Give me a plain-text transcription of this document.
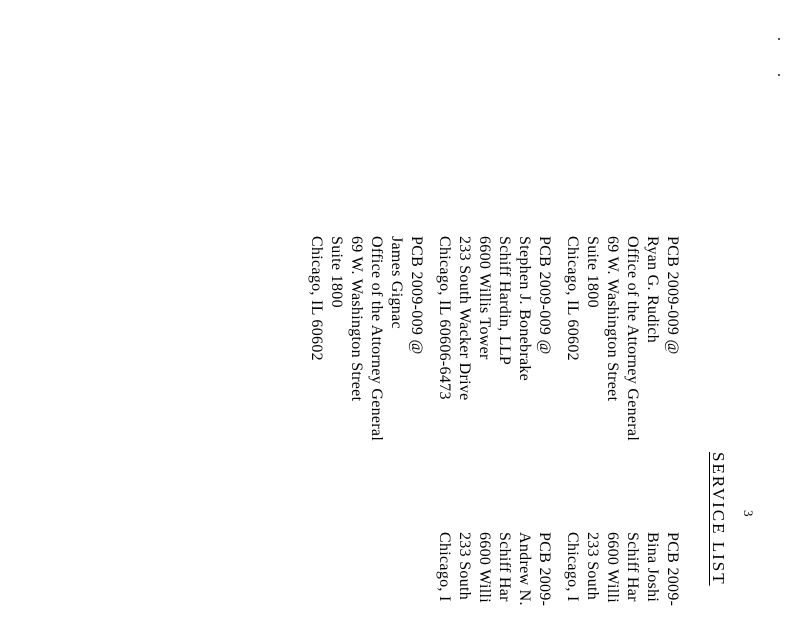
3
SERVICE LIST
PCB 2009-009 @
Ryan G. Rudich
Office of the Attorney General
69 W. Washington Street
Suite 1800
Chicago, IL 60602
PCB 2009-009 @
Stephen J. Bonebrake
Schiff Hardin, LLP
6600 Willis Tower
233 South Wacker Drive
Chicago, IL 60606-6473
PCB 2009-009 @
James Gignac
Office of the Attorney General
69 W. Washington Street
Suite 1800
Chicago, IL 60602
PCB 2009-
Bina Joshi
Schiff Har
6600 Willi
233 South
Chicago, I
PCB 2009-
Andrew N.
Schiff Har
6600 Willi
233 South
Chicago, I
